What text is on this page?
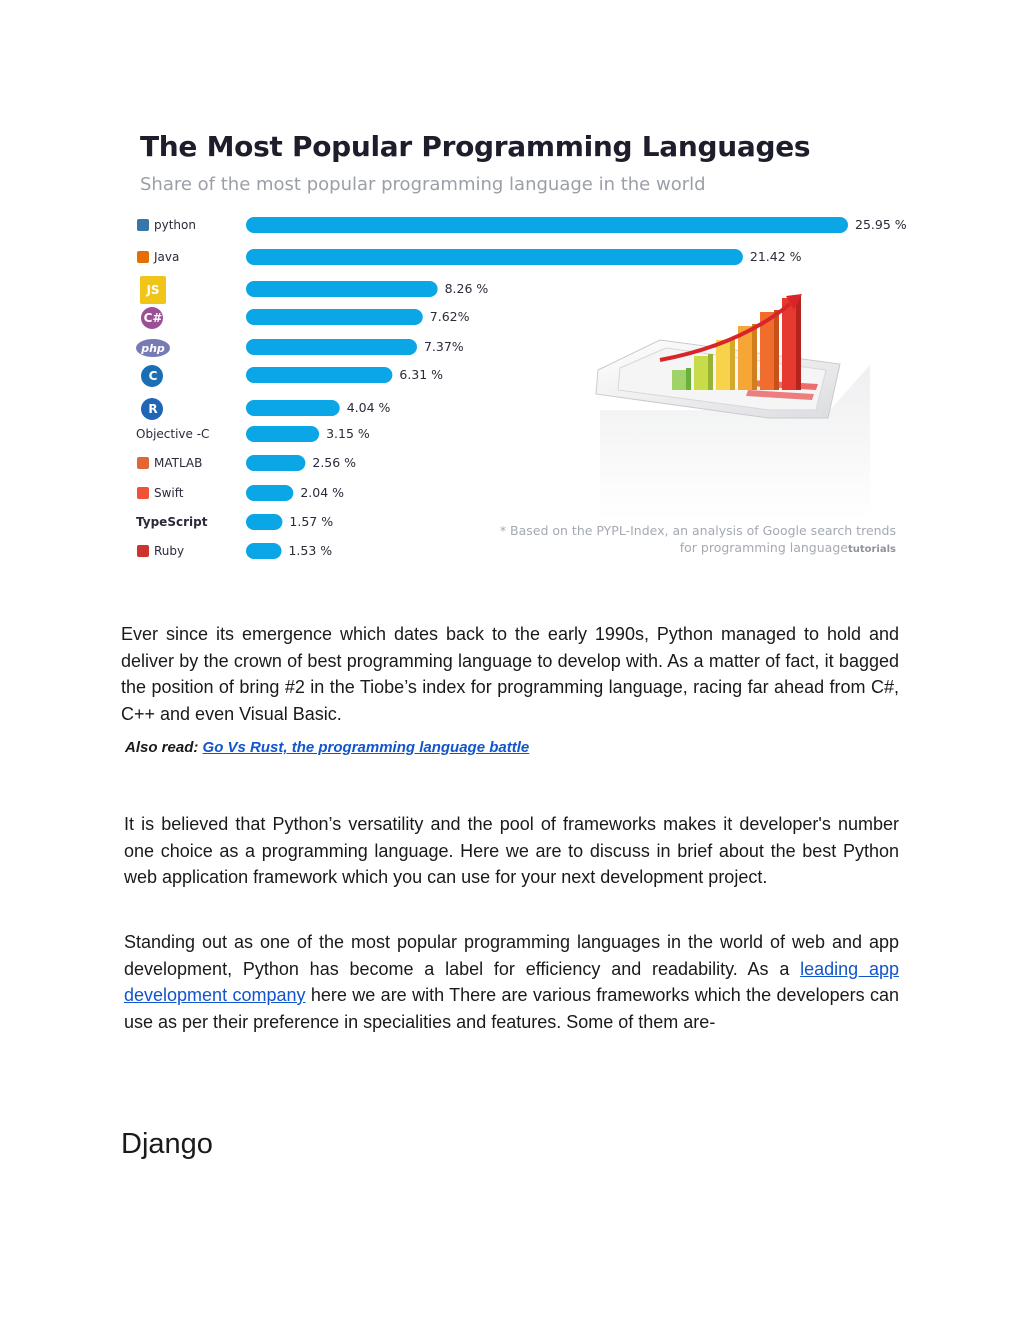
The Most Popular Programming Languages
Share of the most popular programming language in the world
python	25.95 %
Java	21.42 %
JS	8.26 %
C#	7.62%
php	7.37%
C	6.31 %
R	4.04 %
Objective -C	3.15 %
MATLAB	2.56 %
Swift	2.04 %
TypeScript	1.57 %
Ruby	1.53 %
* Based on the PYPL-Index, an analysis of Google search trends
for programming languagetutorials

Ever since its emergence which dates back to the early 1990s, Python managed to hold and deliver by the crown of best programming language to develop with. As a matter of fact, it bagged the position of bring #2 in the Tiobe’s index for programming language, racing far ahead from C#, C++ and even Visual Basic.

Also read: Go Vs Rust, the programming language battle

It is believed that Python’s versatility and the pool of frameworks makes it developer's number one choice as a programming language. Here we are to discuss in brief about the best Python web application framework which you can use for your next development project.

Standing out as one of the most popular programming languages in the world of web and app development, Python has become a label for efficiency and readability. As a leading app development company here we are with There are various frameworks which the developers can use as per their preference in specialities and features. Some of them are-

Django
